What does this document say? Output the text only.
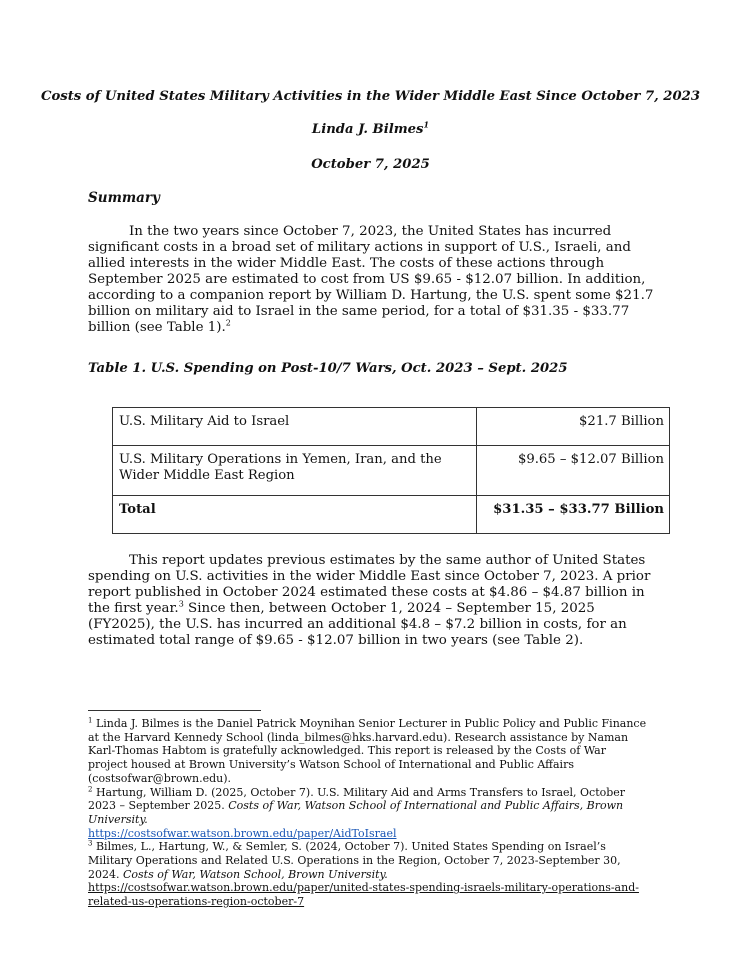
Costs of United States Military Activities in the Wider Middle East Since October 7, 2023
Linda J. Bilmes$^1$
October 7, 2025
Summary
In the two years since October 7, 2023, the United States has incurred significant costs in a broad set of military actions in support of U.S., Israeli, and allied interests in the wider Middle East. The costs of these actions through September 2025 are estimated to cost from US $9.65 - $12.07 billion. In addition, according to a companion report by William D. Hartung, the U.S. spent some $21.7 billion on military aid to Israel in the same period, for a total of $31.35 - $33.77 billion (see Table 1).$^2$
Table 1. U.S. Spending on Post-10/7 Wars, Oct. 2023 – Sept. 2025
U.S. Military Aid to Israel	$21.7 Billion
U.S. Military Operations in Yemen, Iran, and the Wider Middle East Region	$9.65 – $12.07 Billion
Total	$31.35 – $33.77 Billion
This report updates previous estimates by the same author of United States spending on U.S. activities in the wider Middle East since October 7, 2023. A prior report published in October 2024 estimated these costs at $4.86 – $4.87 billion in the first year.$^3$ Since then, between October 1, 2024 – September 15, 2025 (FY2025), the U.S. has incurred an additional $4.8 – $7.2 billion in costs, for an estimated total range of $9.65 - $12.07 billion in two years (see Table 2).

$^1$ Linda J. Bilmes is the Daniel Patrick Moynihan Senior Lecturer in Public Policy and Public Finance at the Harvard Kennedy School (linda_bilmes@hks.harvard.edu). Research assistance by Naman Karl-Thomas Habtom is gratefully acknowledged. This report is released by the Costs of War project housed at Brown University’s Watson School of International and Public Affairs (costsofwar@brown.edu).

$^2$ Hartung, William D. (2025, October 7). U.S. Military Aid and Arms Transfers to Israel, October 2023 – September 2025. Costs of War, Watson School of International and Public Affairs, Brown University.
https://costsofwar.watson.brown.edu/paper/AidToIsrael

$^3$ Bilmes, L., Hartung, W., & Semler, S. (2024, October 7). United States Spending on Israel’s Military Operations and Related U.S. Operations in the Region, October 7, 2023-September 30, 2024. Costs of War, Watson School, Brown University. https://costsofwar.watson.brown.edu/paper/united-states-spending-israels-military-operations-and-related-us-operations-region-october-7
